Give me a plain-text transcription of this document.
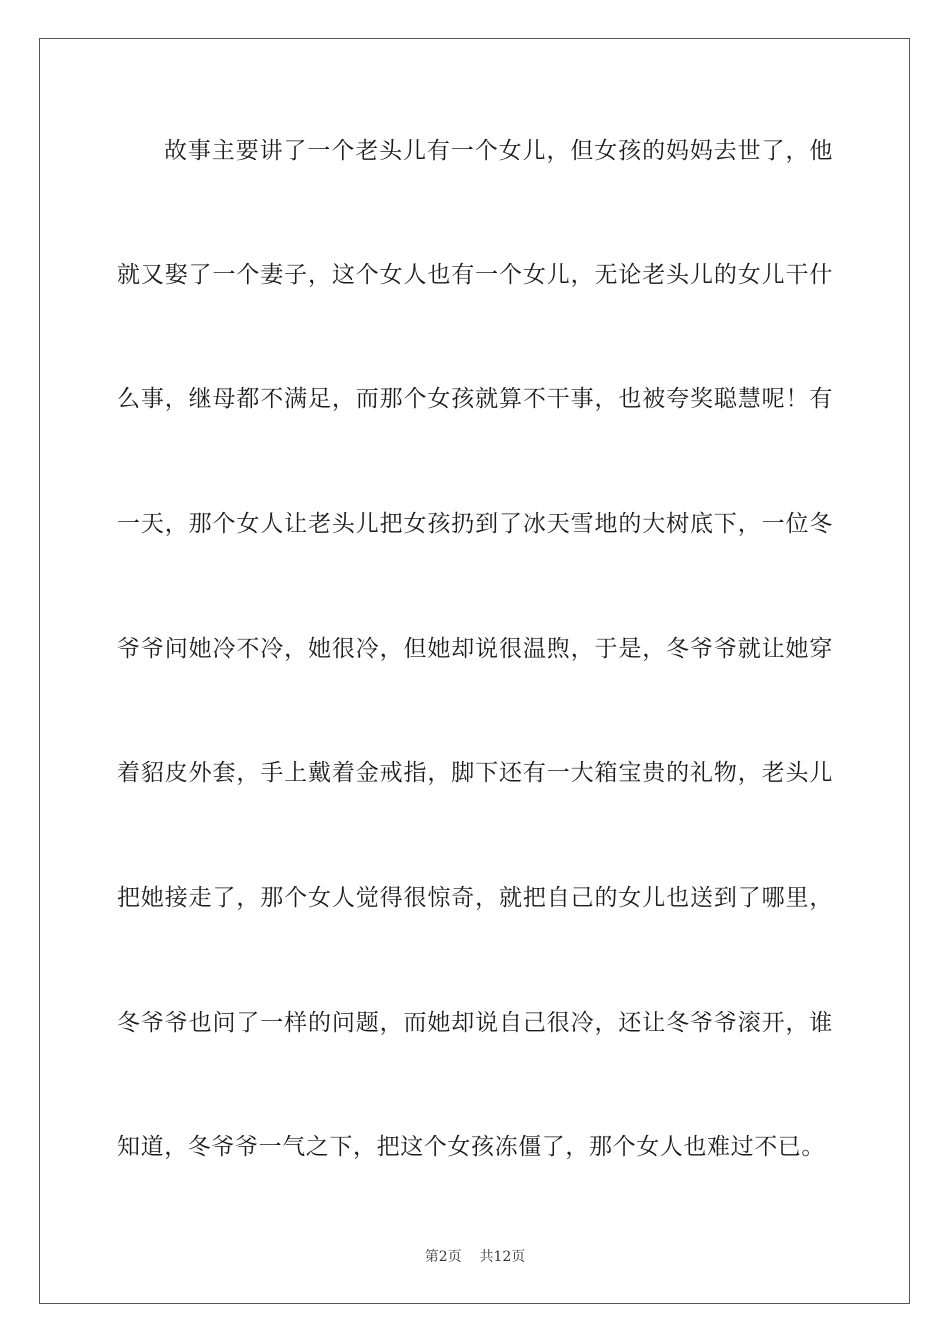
故事主要讲了一个老头儿有一个女儿，但女孩的妈妈去世了，他
就又娶了一个妻子，这个女人也有一个女儿，无论老头儿的女儿干什
么事，继母都不满足，而那个女孩就算不干事，也被夸奖聪慧呢！有
一天，那个女人让老头儿把女孩扔到了冰天雪地的大树底下，一位冬
爷爷问她冷不冷，她很冷，但她却说很温煦，于是，冬爷爷就让她穿
着貂皮外套，手上戴着金戒指，脚下还有一大箱宝贵的礼物，老头儿
把她接走了，那个女人觉得很惊奇，就把自己的女儿也送到了哪里，
冬爷爷也问了一样的问题，而她却说自己很冷，还让冬爷爷滚开，谁
知道，冬爷爷一气之下，把这个女孩冻僵了，那个女人也难过不已。
第2页 共12页
